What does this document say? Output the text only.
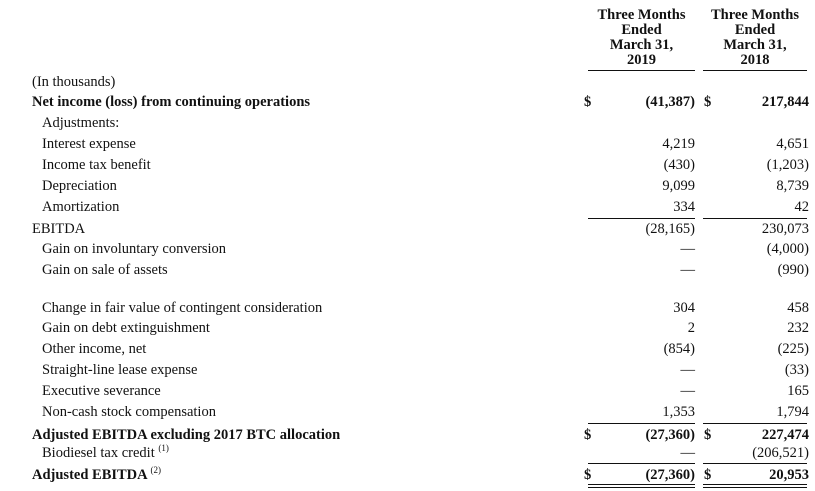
Three Months
Ended
March 31,
2019
Three Months
Ended
March 31,
2018
(In thousands)
Net income (loss) from continuing operations	$	(41,387) $	217,844
Adjustments:
Interest expense	4,219	4,651
Income tax benefit	(430)	(1,203)
Depreciation	9,099	8,739
Amortization	334	42
EBITDA	(28,165)	230,073
Gain on involuntary conversion	—	(4,000)
Gain on sale of assets	—	(990)
Change in fair value of contingent consideration	304	458
Gain on debt extinguishment	2	232
Other income, net	(854)	(225)
Straight-line lease expense	—	(33)
Executive severance	—	165
Non-cash stock compensation	1,353	1,794
Adjusted EBITDA excluding 2017 BTC allocation	$	(27,360) $	227,474
Biodiesel tax credit $^{(1)}$	—	(206,521)
Adjusted EBITDA $^{(2)}$	$	(27,360) $	20,953
